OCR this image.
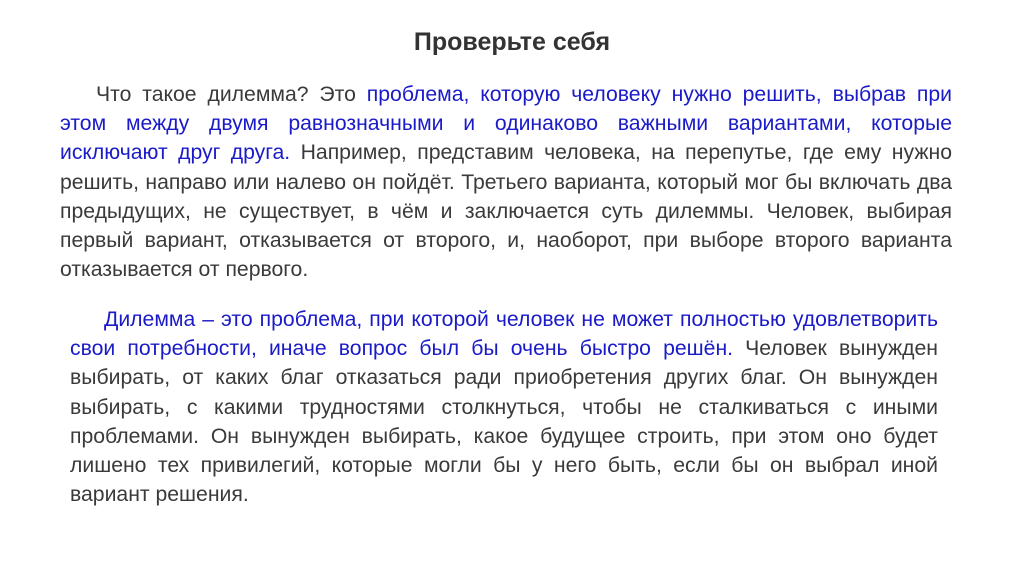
Проверьте себя

Что такое дилемма? Это проблема, которую человеку нужно решить, выбрав при этом между двумя равнозначными и одинаково важными вариантами, которые исключают друг друга. Например, представим человека, на перепутье, где ему нужно решить, направо или налево он пойдёт. Третьего варианта, который мог бы включать два предыдущих, не существует, в чём и заключается суть дилеммы. Человек, выбирая первый вариант, отказывается от второго, и, наоборот, при выборе второго варианта отказывается от первого.

Дилемма – это проблема, при которой человек не может полностью удовлетворить свои потребности, иначе вопрос был бы очень быстро решён. Человек вынужден выбирать, от каких благ отказаться ради приобретения других благ. Он вынужден выбирать, с какими трудностями столкнуться, чтобы не сталкиваться с иными проблемами. Он вынужден выбирать, какое будущее строить, при этом оно будет лишено тех привилегий, которые могли бы у него быть, если бы он выбрал иной вариант решения.
